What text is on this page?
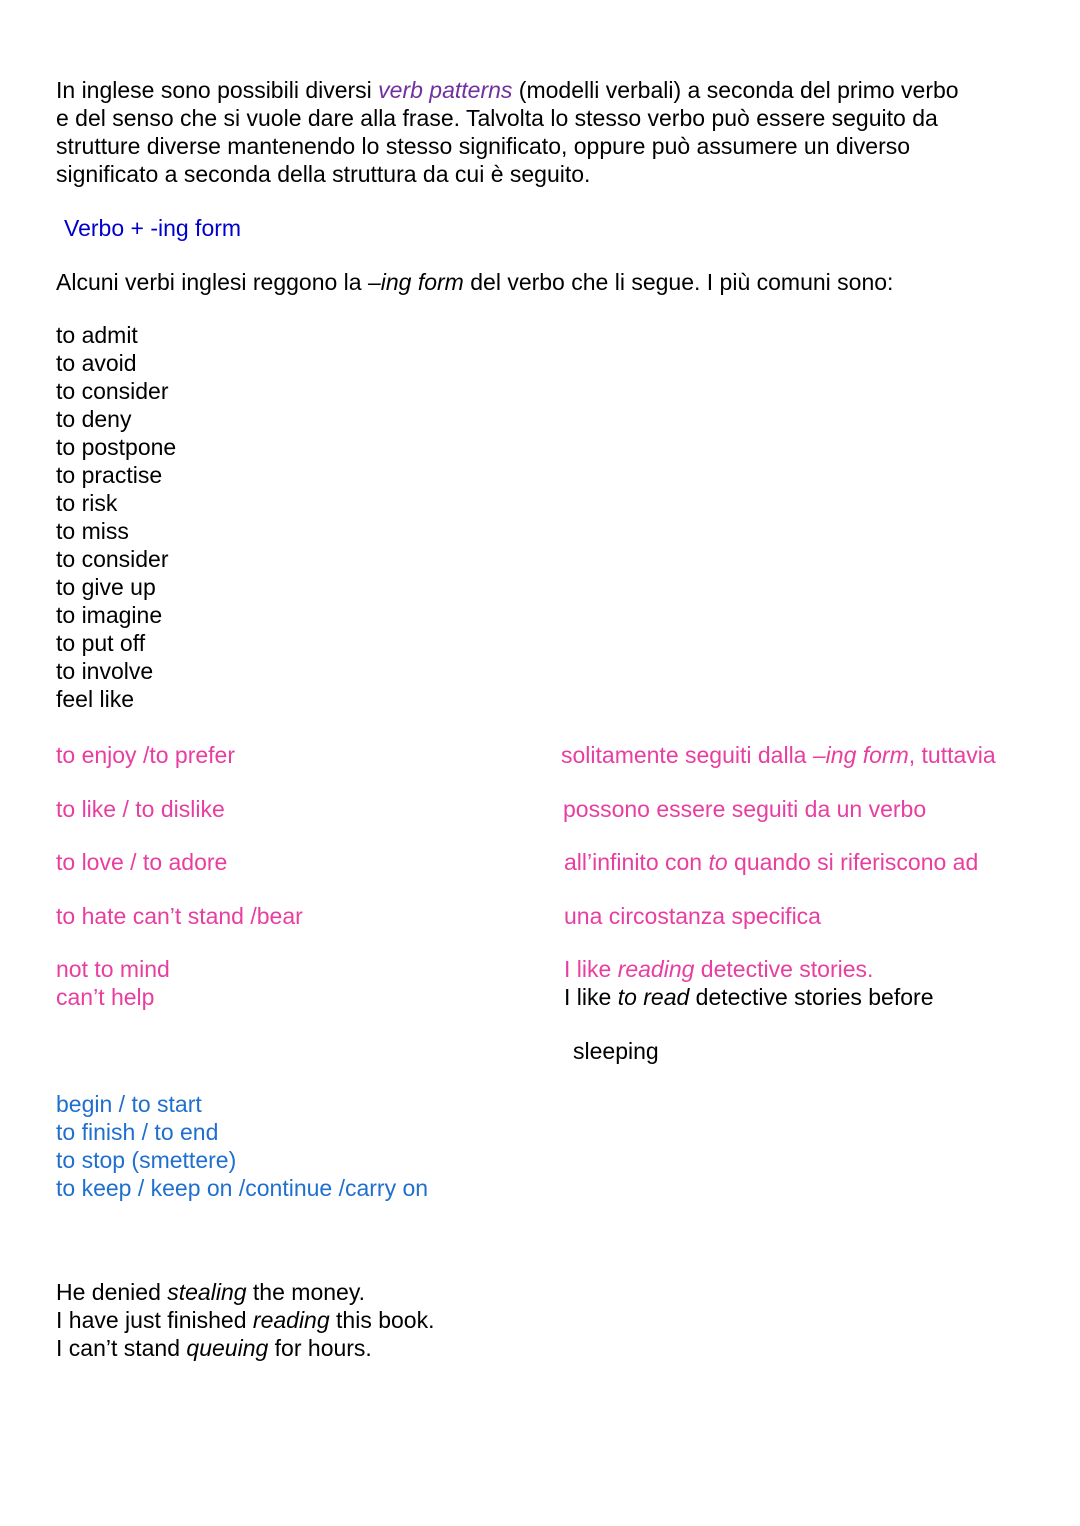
In inglese sono possibili diversi verb patterns (modelli verbali) a seconda del primo verbo
e del senso che si vuole dare alla frase. Talvolta lo stesso verbo può essere seguito da
strutture diverse mantenendo lo stesso significato, oppure può assumere un diverso
significato a seconda della struttura da cui è seguito.
Verbo + -ing form
Alcuni verbi inglesi reggono la –ing form del verbo che li segue. I più comuni sono:
to admit
to avoid
to consider
to deny
to postpone
to practise
to risk
to miss
to consider
to give up
to imagine
to put off
to involve
feel like
to enjoy /to prefer
to like / to dislike
to love / to adore
to hate can’t stand /bear
not to mind
can’t help
solitamente seguiti dalla –ing form, tuttavia
possono essere seguiti da un verbo
all’infinito con to quando si riferiscono ad
una circostanza specifica
I like reading detective stories.
I like to read detective stories before
sleeping
begin / to start
to finish / to end
to stop (smettere)
to keep / keep on /continue /carry on
He denied stealing the money.
I have just finished reading this book.
I can’t stand queuing for hours.
